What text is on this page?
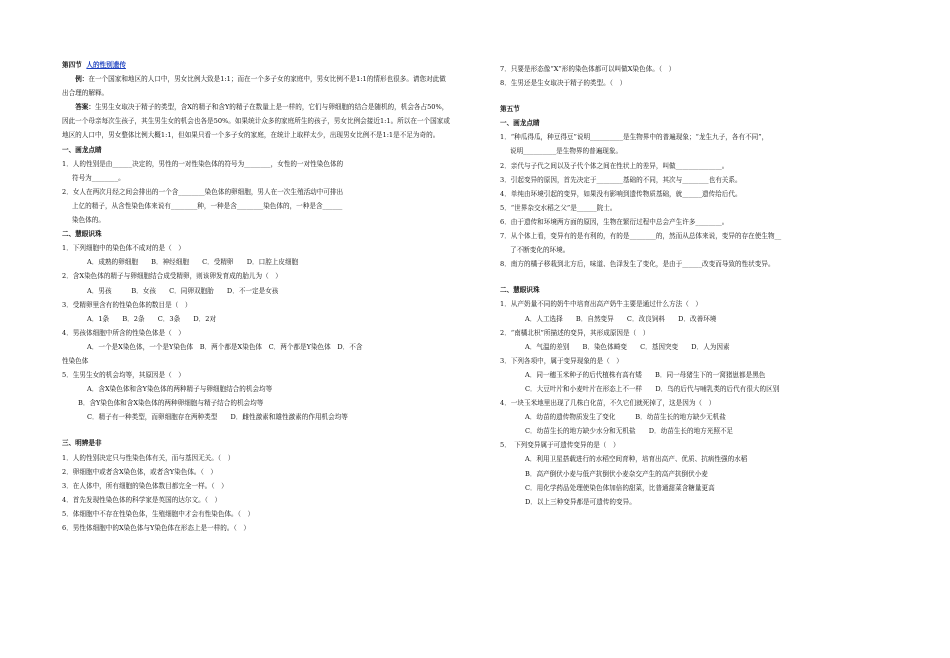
第四节 人的性别遗传
例：在一个国家和地区的人口中，男女比例大致是1:1；而在一个多子女的家庭中，男女比例不是1:1的情形也很多。请您对此做出合理的解释。
答案：生男生女取决于精子的类型，含X的精子和含Y的精子在数量上是一样的，它们与卵细胞的结合是随机的，机会各占50%，因此一个母亲每次生孩子，其生男生女的机会也各是50%。如果统计众多的家庭所生的孩子，男女比例会接近1:1。所以在一个国家或地区的人口中，男女整体比例大概1:1，但如果只看一个多子女的家庭，在统计上取样太少，出现男女比例不是1:1是不足为奇的。
一、画龙点睛
1．人的性别是由______决定的，男性的一对性染色体的符号为________，女性的一对性染色体的
符号为________。
2．女人在两次月经之间会排出的一个含________染色体的卵细胞，男人在一次生殖活动中可排出
上亿的精子，从含性染色体来说有________种，一种是含________染色体的，一种是含______
染色体的。
二、慧眼识珠
1．下列细胞中的染色体不成对的是（　）
A．成熟的卵细胞　　B．神经细胞　　C．受精卵　　D．口腔上皮细胞
2．含X染色体的精子与卵细胞结合成受精卵，则该卵发育成的胎儿为（　）
A．男孩　　　B．女孩　　C．同卵双胞胎　　D．不一定是女孩
3．受精卵里含有的性染色体的数目是（　）
A．1条　　B．2条　　C．3条　　D．2对
4．男孩体细胞中所含的性染色体是（　）
A．一个是X染色体，一个是Y染色体　B．两个都是X染色体　C．两个都是Y染色体　D．不含
性染色体
5．生男生女的机会均等，其原因是（　）
A．含X染色体和含Y染色体的两种精子与卵细胞结合的机会均等
B．含Y染色体和含X染色体的两种卵细胞与精子结合的机会均等
C．精子有一种类型，而卵细胞存在两种类型　　D．雌性激素和雄性激素的作用机会均等
三、明辨是非
1．人的性别决定只与性染色体有关，而与基因无关。（　）
2．卵细胞中或者含X染色体，或者含Y染色体。（　）
3．在人体中，所有细胞的染色体数目都完全一样。（　）
4．首先发现性染色体的科学家是英国的达尔文。（　）
5．体细胞中不存在性染色体，生殖细胞中才会有性染色体。（　）
6．男性体细胞中的X染色体与Y染色体在形态上是一样的。（　）
7．只要是形态像“X”形的染色体都可以叫做X染色体。（　）
8．生男还是生女取决于精子的类型。（　）
第五节
一、画龙点睛
1．“种瓜得瓜，种豆得豆”说明__________是生物界中的普遍现象；“龙生九子，各有不同”，
说明__________是生物界的普遍现象。
2．亲代与子代之间以及子代个体之间在性状上的差异，叫做______________。
3．引起变异的原因，首先决定于________基础的不同，其次与________也有关系。
4．单纯由环境引起的变异，如果没有影响到遗传物质基础，就______遗传给后代。
5．“世界杂交水稻之父”是______院士。
6．由于遗传和环境两方面的原因，生物在繁衍过程中总会产生许多________。
7．从个体上看，变异有的是有利的，有的是________的，然而从总体来说，变异的存在使生物__
了不断变化的环境。
8．南方的橘子移栽到北方后，味道、色泽发生了变化，是由于______改变而导致的性状变异。
二、慧眼识珠
1．从产奶量不同的奶牛中培育出高产奶牛主要是通过什么方法（　）
A．人工选择　　B．自然变异　　C．改良饲料　　D．改善环境
2．“南橘北枳”所描述的变异，其形成原因是（　）
A．气温的差别　　B．染色体畸变　　C．基因突变　　D．人为因素
3．下列各项中，属于变异现象的是（　）
A．同一穗玉米种子的后代植株有高有矮　　B．同一母猪生下的一窝猪崽都是黑色
C．大豆叶片和小麦叶片在形态上不一样　　D．鸟的后代与哺乳类的后代有很大的区别
4．一块玉米地里出现了几株白化苗，不久它们就死掉了，这是因为（　）
A．幼苗的遗传物质发生了变化　　　B．幼苗生长的地方缺少无机盐
C．幼苗生长的地方缺少水分和无机盐　　D．幼苗生长的地方光照不足
5．　下列变异属于可遗传变异的是（　）
A．利用卫星搭载进行的水稻空间育种，培育出高产、优质、抗病性强的水稻
B．高产倒伏小麦与低产抗倒伏小麦杂交产生的高产抗倒伏小麦
C．用化学药品处理使染色体加倍的甜菜，比普通甜菜含糖量更高
D．以上三种变异都是可遗传的变异。
